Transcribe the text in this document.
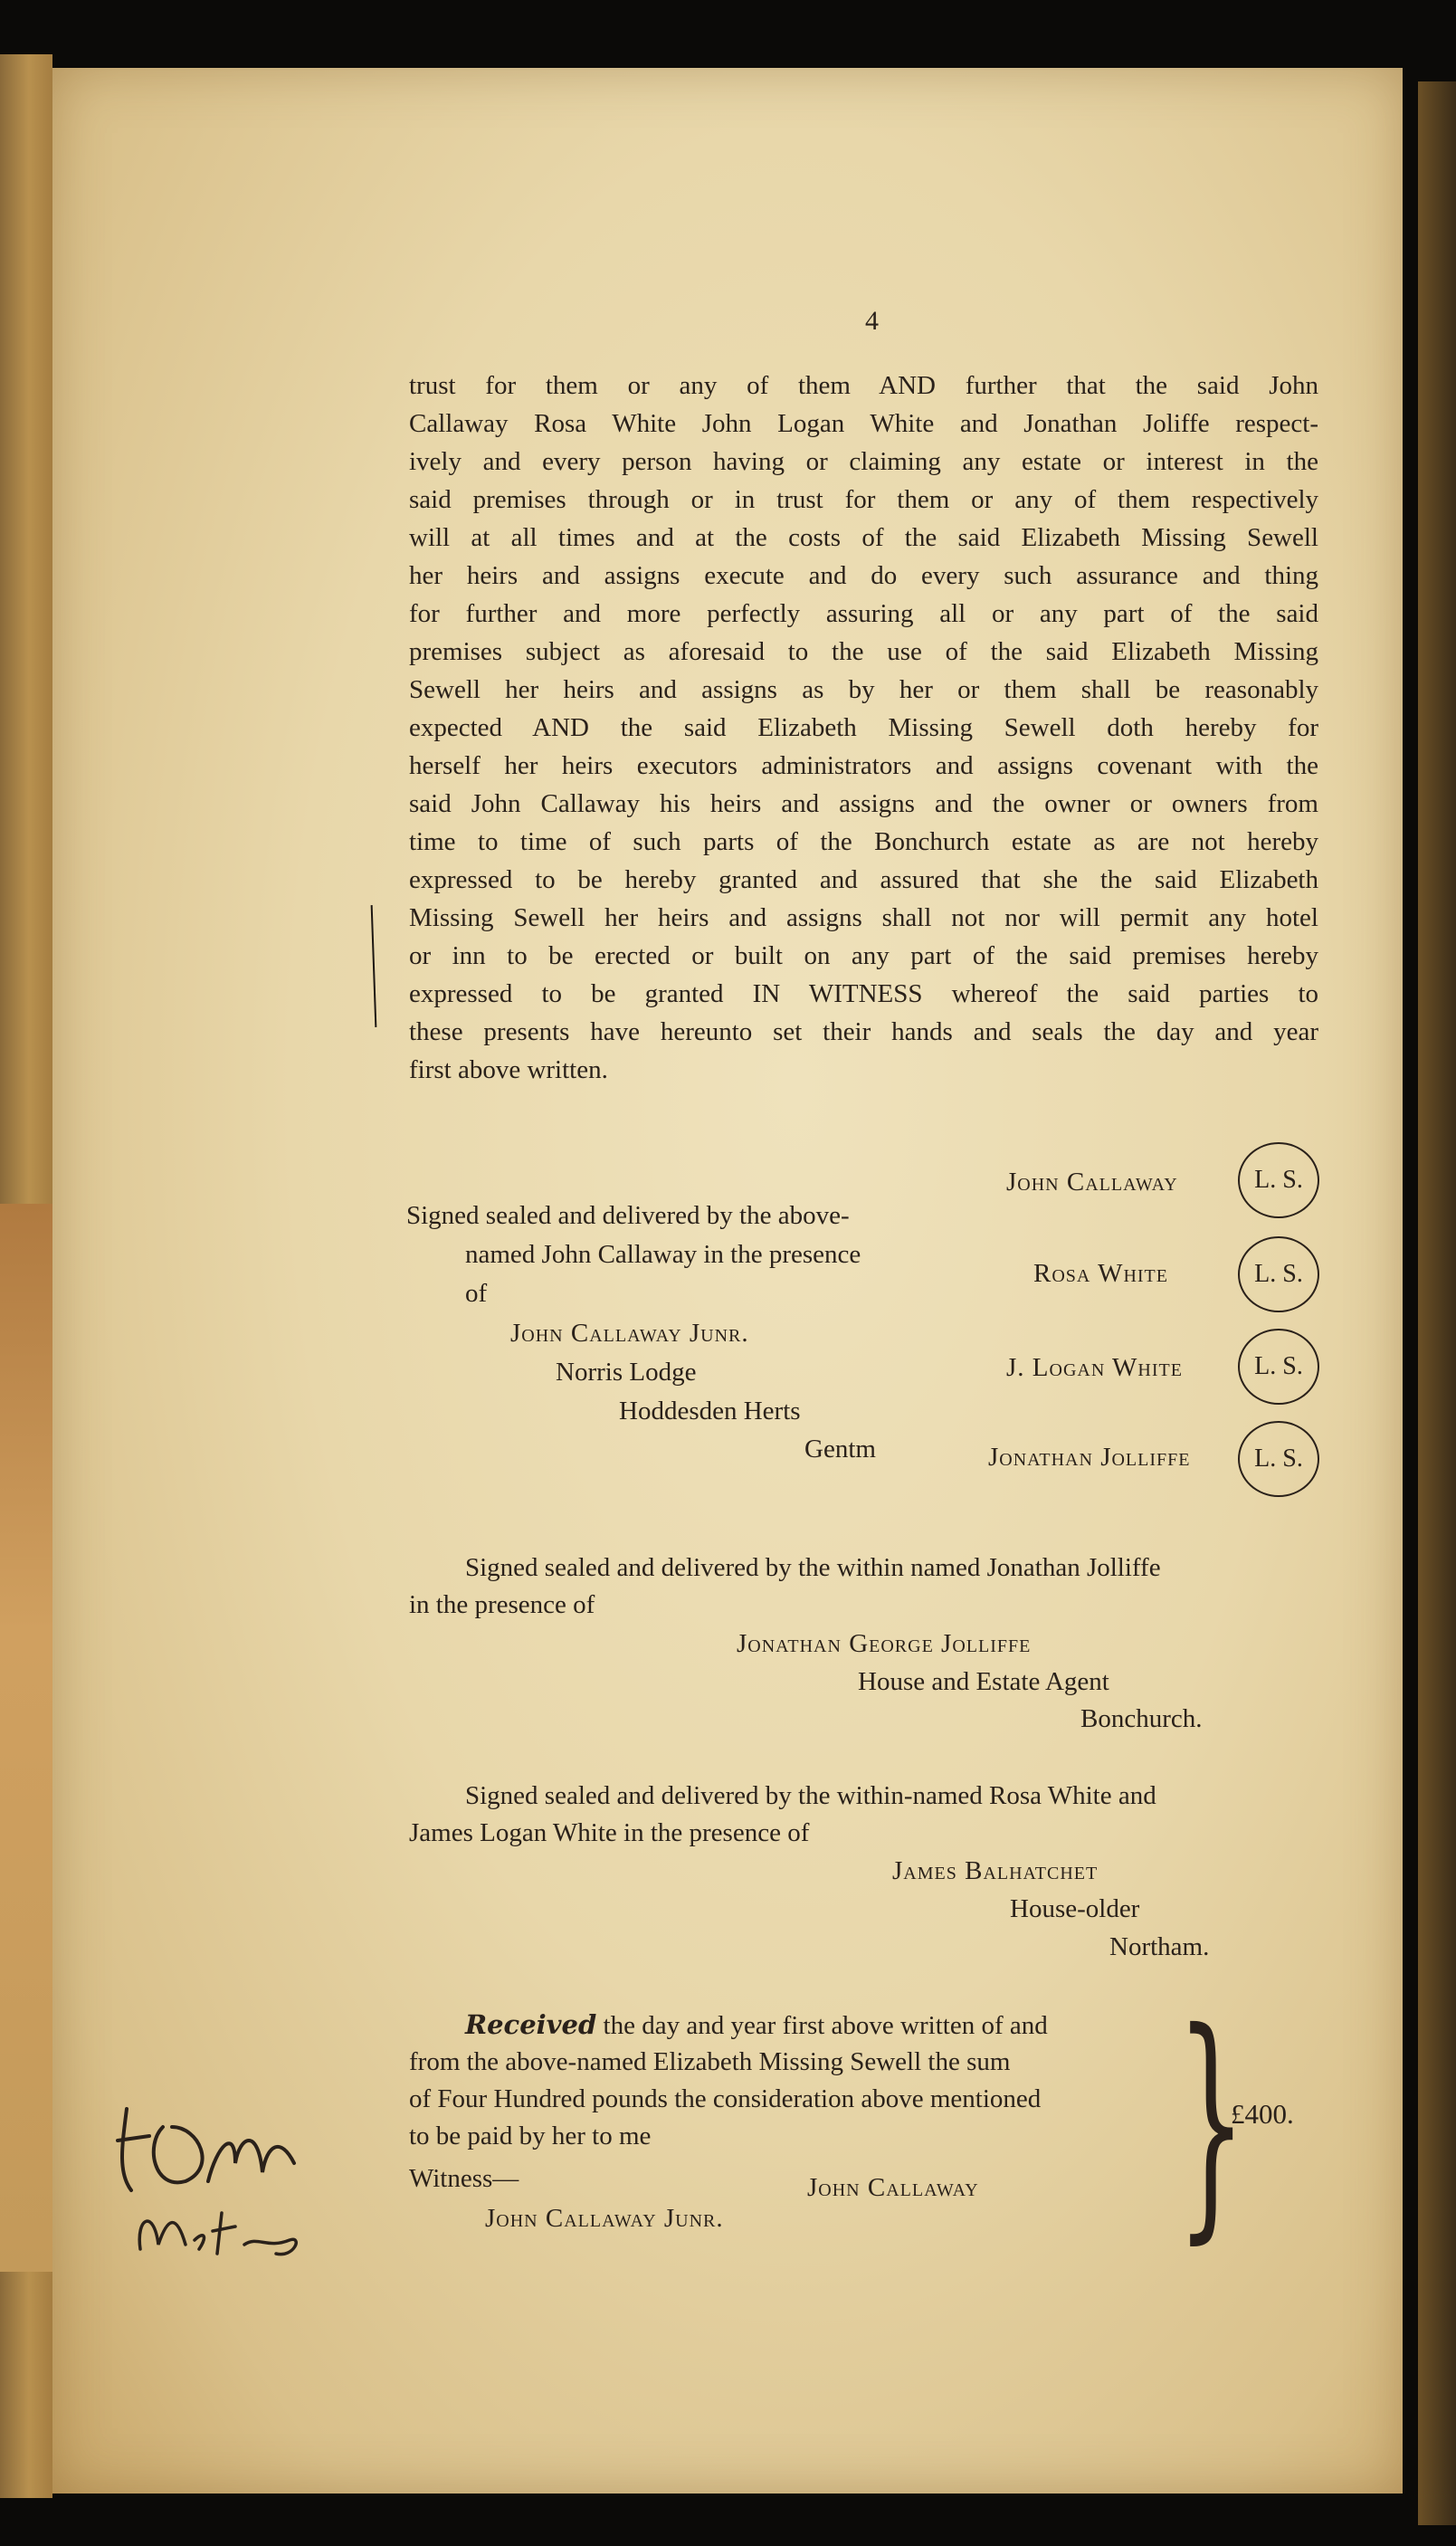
4
trust for them or any of them AND further that the said John
Callaway Rosa White John Logan White and Jonathan Joliffe respect-
ively and every person having or claiming any estate or interest in the
said premises through or in trust for them or any of them respectively
will at all times and at the costs of the said Elizabeth Missing Sewell
her heirs and assigns execute and do every such assurance and thing
for further and more perfectly assuring all or any part of the said
premises subject as aforesaid to the use of the said Elizabeth Missing
Sewell her heirs and assigns as by her or them shall be reasonably
expected AND the said Elizabeth Missing Sewell doth hereby for
herself her heirs executors administrators and assigns covenant with the
said John Callaway his heirs and assigns and the owner or owners from
time to time of such parts of the Bonchurch estate as are not hereby
expressed to be hereby granted and assured that she the said Elizabeth
Missing Sewell her heirs and assigns shall not nor will permit any hotel
or inn to be erected or built on any part of the said premises hereby
expressed to be granted IN WITNESS whereof the said parties to
these presents have hereunto set their hands and seals the day and year
first above written.
Signed sealed and delivered by the above-
named John Callaway in the presence
of
John Callaway Junr.
Norris Lodge
Hoddesden Herts
Gentm
John Callaway	L. S.
Rosa White	L. S.
J. Logan White	L. S.
Jonathan Jolliffe	L. S.
Signed sealed and delivered by the within named Jonathan Jolliffe
in the presence of
Jonathan George Jolliffe
House and Estate Agent
Bonchurch.
Signed sealed and delivered by the within-named Rosa White and
James Logan White in the presence of
James Balhatchet
House-older
Northam.
Received the day and year first above written of and
from the above-named Elizabeth Missing Sewell the sum
of Four Hundred pounds the consideration above mentioned
to be paid by her to me
Witness—	John Callaway
John Callaway Junr. }
£400.
